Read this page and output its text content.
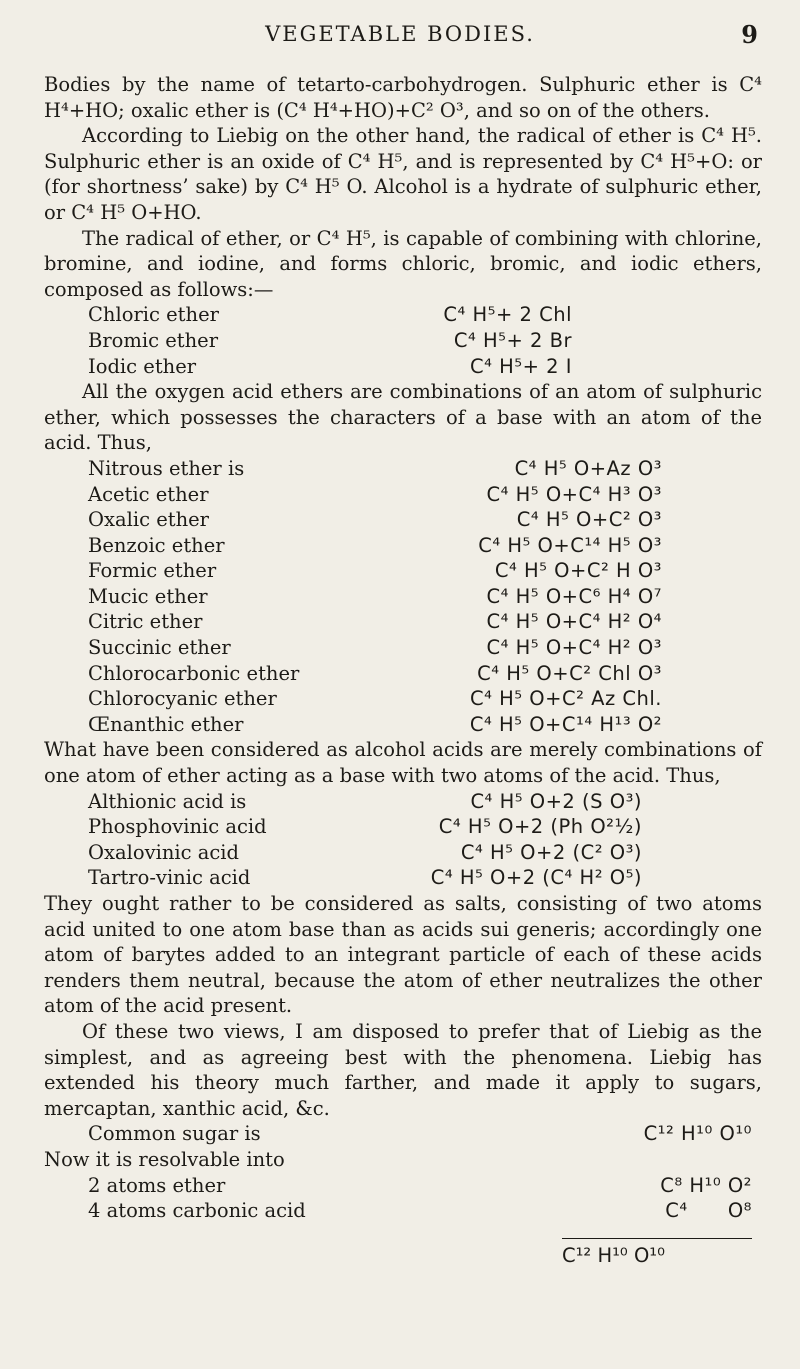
VEGETABLE BODIES.	9

Bodies by the name of tetarto-carbohydrogen. Sulphuric ether is C⁴ H⁴+HO; oxalic ether is (C⁴ H⁴+HO)+C² O³, and so on of the others.

According to Liebig on the other hand, the radical of ether is C⁴ H⁵. Sulphuric ether is an oxide of C⁴ H⁵, and is represented by C⁴ H⁵+O: or (for shortness’ sake) by C⁴ H⁵ O. Alcohol is a hydrate of sulphuric ether, or C⁴ H⁵ O+HO.

The radical of ether, or C⁴ H⁵, is capable of combining with chlorine, bromine, and iodine, and forms chloric, bromic, and iodic ethers, composed as follows:—

Chloric ether	C⁴ H⁵+ 2 Chl
Bromic ether	C⁴ H⁵+ 2 Br
Iodic ether	C⁴ H⁵+ 2 I

All the oxygen acid ethers are combinations of an atom of sulphuric ether, which possesses the characters of a base with an atom of the acid. Thus,

Nitrous ether is	C⁴ H⁵ O+Az O³
Acetic ether	C⁴ H⁵ O+C⁴ H³ O³
Oxalic ether	C⁴ H⁵ O+C² O³
Benzoic ether	C⁴ H⁵ O+C¹⁴ H⁵ O³
Formic ether	C⁴ H⁵ O+C² H O³
Mucic ether	C⁴ H⁵ O+C⁶ H⁴ O⁷
Citric ether	C⁴ H⁵ O+C⁴ H² O⁴
Succinic ether	C⁴ H⁵ O+C⁴ H² O³
Chlorocarbonic ether	C⁴ H⁵ O+C² Chl O³
Chlorocyanic ether	C⁴ H⁵ O+C² Az Chl.
Œnanthic ether	C⁴ H⁵ O+C¹⁴ H¹³ O²

What have been considered as alcohol acids are merely combinations of one atom of ether acting as a base with two atoms of the acid. Thus,

Althionic acid is	C⁴ H⁵ O+2 (S O³)
Phosphovinic acid	C⁴ H⁵ O+2 (Ph O²½)
Oxalovinic acid	C⁴ H⁵ O+2 (C² O³)
Tartro-vinic acid	C⁴ H⁵ O+2 (C⁴ H² O⁵)

They ought rather to be considered as salts, consisting of two atoms acid united to one atom base than as acids sui generis; accordingly one atom of barytes added to an integrant particle of each of these acids renders them neutral, because the atom of ether neutralizes the other atom of the acid present.

Of these two views, I am disposed to prefer that of Liebig as the simplest, and as agreeing best with the phenomena. Liebig has extended his theory much farther, and made it apply to sugars, mercaptan, xanthic acid, &c.

Common sugar is	C¹² H¹⁰ O¹⁰
Now it is resolvable into
2 atoms ether	C⁸ H¹⁰ O²
4 atoms carbonic acid	C⁴      O⁸
C¹² H¹⁰ O¹⁰
